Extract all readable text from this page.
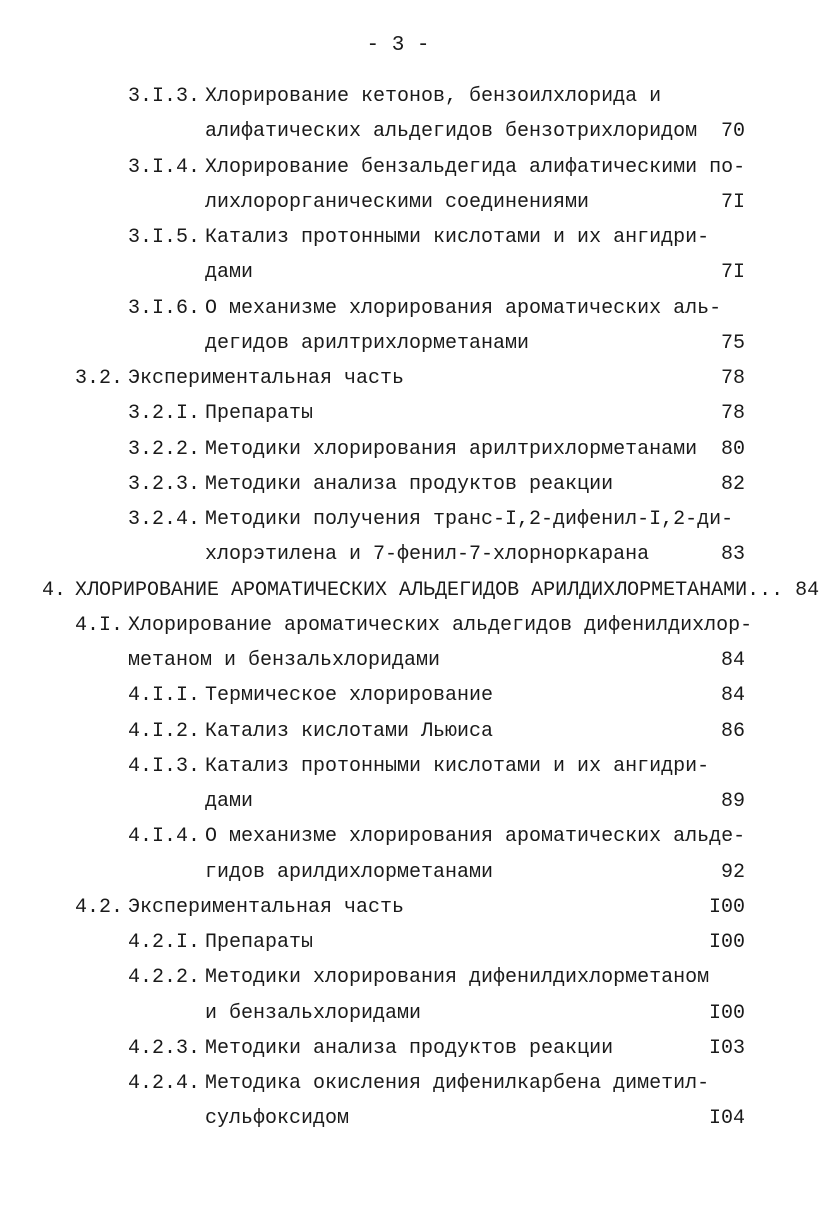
- 3 -
3.I.3. Хлорирование кетонов, бензоилхлорида и
алифатических альдегидов бензотрихлоридом 70
3.I.4. Хлорирование бензальдегида алифатическими по-
лихлорорганическими соединениями	7I
3.I.5. Катализ протонными кислотами и их ангидри-
дами	7I
3.I.6. О механизме хлорирования ароматических аль-
дегидов арилтрихлорметанами	75
3.2. Экспериментальная часть	78
3.2.I. Препараты	78
3.2.2. Методики хлорирования арилтрихлорметанами 80
3.2.3. Методики анализа продуктов реакции	82
3.2.4. Методики получения транс-I,2-дифенил-I,2-ди-
хлорэтилена и 7-фенил-7-хлорноркарана	83
4. ХЛОРИРОВАНИЕ АРОМАТИЧЕСКИХ АЛЬДЕГИДОВ АРИЛДИХЛОРМЕТАНАМИ... 84
4.I. Хлорирование ароматических альдегидов дифенилдихлор-
метаном и бензальхлоридами	84
4.I.I. Термическое хлорирование	84
4.I.2. Катализ кислотами Льюиса	86
4.I.3. Катализ протонными кислотами и их ангидри-
дами	89
4.I.4. О механизме хлорирования ароматических альде-
гидов арилдихлорметанами	92
4.2. Экспериментальная часть	I00
4.2.I. Препараты	I00
4.2.2. Методики хлорирования дифенилдихлорметаном
и бензальхлоридами	I00
4.2.3. Методики анализа продуктов реакции	I03
4.2.4. Методика окисления дифенилкарбена диметил-
сульфоксидом	I04
